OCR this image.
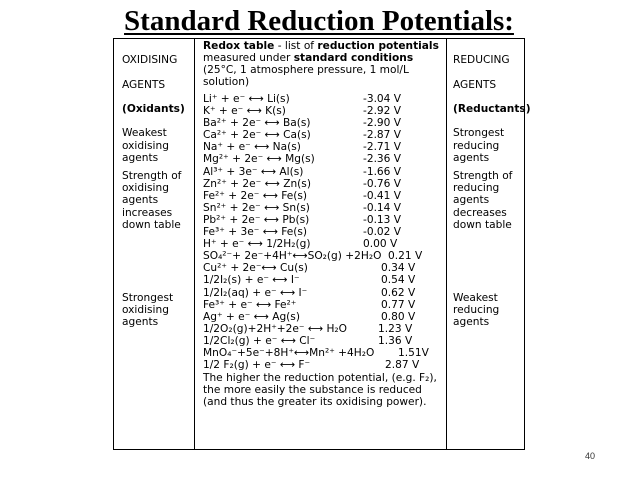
Standard Reduction Potentials:

OXIDISING

AGENTS

(Oxidants)

Weakest
oxidising
agents

Strength of
oxidising
agents
increases
down table

Strongest
oxidising
agents

REDUCING

AGENTS

(Reductants)

Strongest
reducing
agents

Strength of
reducing
agents
decreases
down table

Weakest
reducing
agents

Redox table - list of reduction potentials measured under standard conditions (25°C, 1 atmosphere pressure, 1 mol/L solution)
Li⁺ + e⁻ ⟷ Li(s)	-3.04 V
K⁺ + e⁻ ⟷ K(s)	-2.92 V
Ba²⁺ + 2e⁻ ⟷ Ba(s)	-2.90 V
Ca²⁺ + 2e⁻ ⟷ Ca(s)	-2.87 V
Na⁺ + e⁻ ⟷ Na(s)	-2.71 V
Mg²⁺ + 2e⁻ ⟷ Mg(s)	-2.36 V
Al³⁺ + 3e⁻ ⟷ Al(s)	-1.66 V
Zn²⁺ + 2e⁻ ⟷ Zn(s)	-0.76 V
Fe²⁺ + 2e⁻ ⟷ Fe(s)	-0.41 V
Sn²⁺ + 2e⁻ ⟷ Sn(s)	-0.14 V
Pb²⁺ + 2e⁻ ⟷ Pb(s)	-0.13 V
Fe³⁺ + 3e⁻ ⟷ Fe(s)	-0.02 V
H⁺ + e⁻ ⟷ 1/2H₂(g)	0.00 V
SO₄²⁻+ 2e⁻+4H⁺⟷SO₂(g) +2H₂O 0.21 V
Cu²⁺ + 2e⁻⟷ Cu(s)	0.34 V
1/2I₂(s) + e⁻ ⟷ I⁻	0.54 V
1/2I₂(aq) + e⁻ ⟷ I⁻	0.62 V
Fe³⁺ + e⁻ ⟷ Fe²⁺	0.77 V
Ag⁺ + e⁻ ⟷ Ag(s)	0.80 V
1/2O₂(g)+2H⁺+2e⁻ ⟷ H₂O	1.23 V
1/2Cl₂(g) + e⁻ ⟷ Cl⁻	1.36 V
MnO₄⁻+5e⁻+8H⁺⟷Mn²⁺ +4H₂O 1.51V
1/2 F₂(g) + e⁻ ⟷ F⁻	2.87 V
The higher the reduction potential, (e.g. F₂), the more easily the substance is reduced (and thus the greater its oxidising power).
40
